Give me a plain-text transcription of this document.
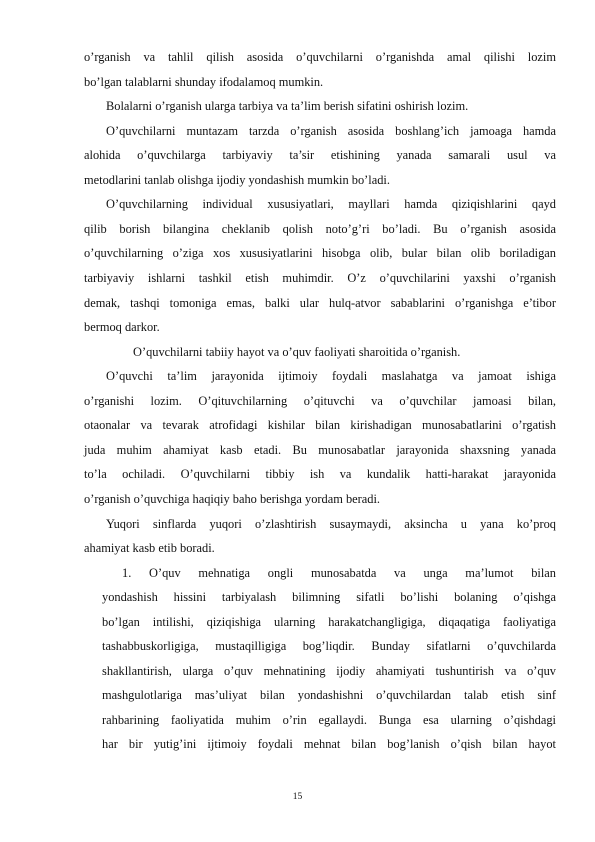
o’rganish va tahlil qilish asosida o’quvchilarni o’rganishda amal qilishi lozim
bo’lgan talablarni shunday ifodalamoq mumkin.
Bolalarni o’rganish ularga tarbiya va ta’lim berish sifatini oshirish lozim.
O’quvchilarni muntazam tarzda o’rganish asosida boshlang’ich jamoaga hamda
alohida o’quvchilarga tarbiyaviy ta’sir etishining yanada samarali usul va
metodlarini tanlab olishga ijodiy yondashish mumkin bo’ladi.
O’quvchilarning individual xususiyatlari, mayllari hamda qiziqishlarini qayd
qilib borish bilangina cheklanib qolish noto’g’ri bo’ladi. Bu o’rganish asosida
o’quvchilarning o’ziga xos xususiyatlarini hisobga olib, bular bilan olib boriladigan
tarbiyaviy ishlarni tashkil etish muhimdir. O’z o’quvchilarini yaxshi o’rganish
demak, tashqi tomoniga emas, balki ular hulq-atvor sabablarini o’rganishga e’tibor
bermoq darkor.
O’quvchilarni tabiiy hayot va o’quv faoliyati sharoitida o’rganish.
O’quvchi ta’lim jarayonida ijtimoiy foydali maslahatga va jamoat ishiga
o’rganishi lozim. O’qituvchilarning o’qituvchi va o’quvchilar jamoasi bilan,
otaonalar va tevarak atrofidagi kishilar bilan kirishadigan munosabatlarini o’rgatish
juda muhim ahamiyat kasb etadi. Bu munosabatlar jarayonida shaxsning yanada
to’la ochiladi. O’quvchilarni tibbiy ish va kundalik hatti-harakat jarayonida
o’rganish o’quvchiga haqiqiy baho berishga yordam beradi.
Yuqori sinflarda yuqori o’zlashtirish susaymaydi, aksincha u yana ko’proq
ahamiyat kasb etib boradi.
1. O’quv mehnatiga ongli munosabatda va unga ma’lumot bilan
yondashish hissini tarbiyalash bilimning sifatli bo’lishi bolaning o’qishga
bo’lgan intilishi, qiziqishiga ularning harakatchangligiga, diqaqatiga faoliyatiga
tashabbuskorligiga, mustaqilligiga bog’liqdir. Bunday sifatlarni o’quvchilarda
shakllantirish, ularga o’quv mehnatining ijodiy ahamiyati tushuntirish va o’quv
mashgulotlariga mas’uliyat bilan yondashishni o’quvchilardan talab etish sinf
rahbarining faoliyatida muhim o’rin egallaydi. Bunga esa ularning o’qishdagi
har bir yutig’ini ijtimoiy foydali mehnat bilan bog’lanish o’qish bilan hayot
15
